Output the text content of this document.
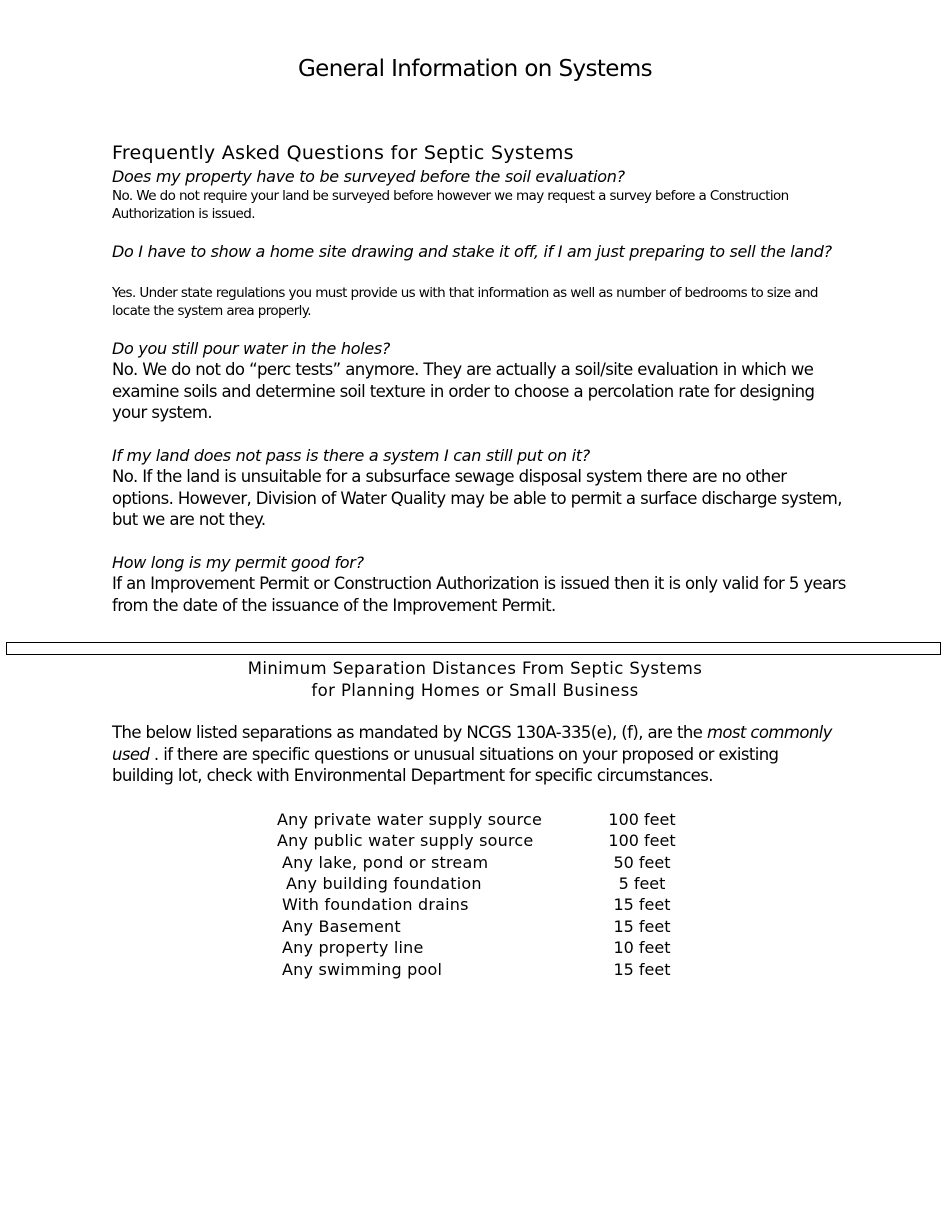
General Information on Systems
Frequently Asked Questions for Septic Systems
Does my property have to be surveyed before the soil evaluation?
No. We do not require your land be surveyed before however we may request a survey before a Construction Authorization is issued.
Do I have to show a home site drawing and stake it off, if I am just preparing to sell the land?
Yes. Under state regulations you must provide us with that information as well as number of bedrooms to size and locate the system area properly.
Do you still pour water in the holes?
No. We do not do “perc tests” anymore. They are actually a soil/site evaluation in which we examine soils and determine soil texture in order to choose a percolation rate for designing your system.
If my land does not pass is there a system I can still put on it?
No. If the land is unsuitable for a subsurface sewage disposal system there are no other options. However, Division of Water Quality may be able to permit a surface discharge system, but we are not they.
How long is my permit good for?
If an Improvement Permit or Construction Authorization is issued then it is only valid for 5 years from the date of the issuance of the Improvement Permit.
Minimum Separation Distances From Septic Systems
for Planning Homes or Small Business
The below listed separations as mandated by NCGS 130A-335(e), (f), are the most commonly used . if there are specific questions or unusual situations on your proposed or existing building lot, check with Environmental Department for specific circumstances.
Any private water supply source	100 feet
Any public water supply source	100 feet
Any lake, pond or stream	50 feet
Any building foundation	5 feet
With foundation drains	15 feet
Any Basement	15 feet
Any property line	10 feet
Any swimming pool	15 feet
